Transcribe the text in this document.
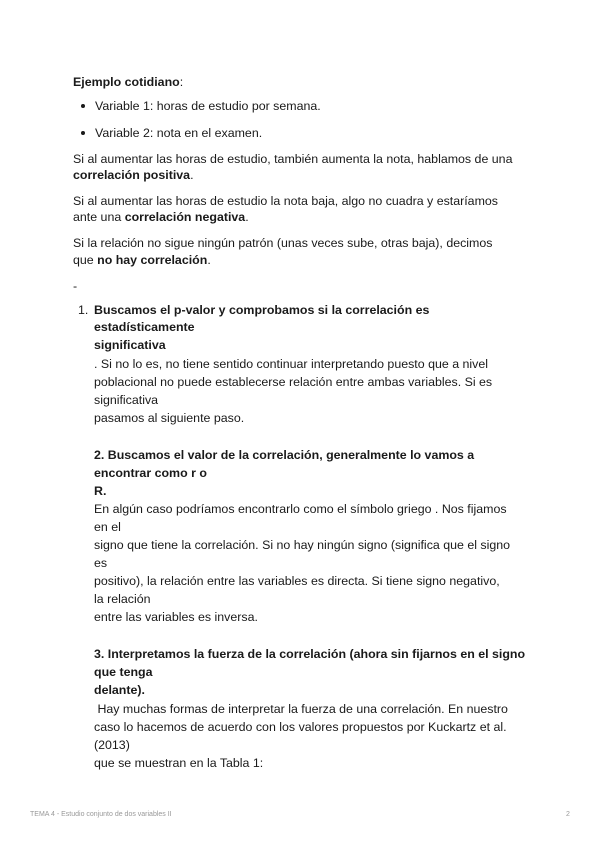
Ejemplo cotidiano:
Variable 1: horas de estudio por semana.
Variable 2: nota en el examen.
Si al aumentar las horas de estudio, también aumenta la nota, hablamos de una
correlación positiva.
Si al aumentar las horas de estudio la nota baja, algo no cuadra y estaríamos
ante una correlación negativa.
Si la relación no sigue ningún patrón (unas veces sube, otras baja), decimos
que no hay correlación.
-
1. Buscamos el p-valor y comprobamos si la correlación es
estadísticamente
significativa
. Si no lo es, no tiene sentido continuar interpretando puesto que a nivel
poblacional no puede establecerse relación entre ambas variables. Si es
significativa
pasamos al siguiente paso.
2. Buscamos el valor de la correlación, generalmente lo vamos a
encontrar como r o
R.
En algún caso podríamos encontrarlo como el símbolo griego . Nos fijamos
en el
signo que tiene la correlación. Si no hay ningún signo (significa que el signo
es
positivo), la relación entre las variables es directa. Si tiene signo negativo,
la relación
entre las variables es inversa.
3. Interpretamos la fuerza de la correlación (ahora sin fijarnos en el signo
que tenga
delante).
Hay muchas formas de interpretar la fuerza de una correlación. En nuestro
caso lo hacemos de acuerdo con los valores propuestos por Kuckartz et al.
(2013)
que se muestran en la Tabla 1:
TEMA 4 - Estudio conjunto de dos variables II	2
